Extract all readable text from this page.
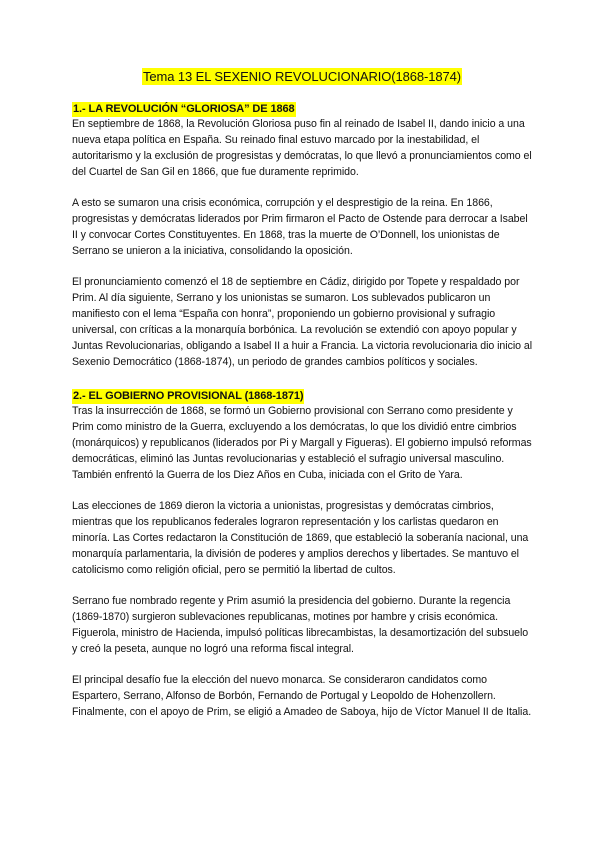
Tema 13 EL SEXENIO REVOLUCIONARIO(1868-1874)
1.- LA REVOLUCIÓN “GLORIOSA” DE 1868

En septiembre de 1868, la Revolución Gloriosa puso fin al reinado de Isabel II, dando inicio a una nueva etapa política en España. Su reinado final estuvo marcado por la inestabilidad, el autoritarismo y la exclusión de progresistas y demócratas, lo que llevó a pronunciamientos como el del Cuartel de San Gil en 1866, que fue duramente reprimido.

A esto se sumaron una crisis económica, corrupción y el desprestigio de la reina. En 1866, progresistas y demócratas liderados por Prim firmaron el Pacto de Ostende para derrocar a Isabel II y convocar Cortes Constituyentes. En 1868, tras la muerte de O’Donnell, los unionistas de Serrano se unieron a la iniciativa, consolidando la oposición.

El pronunciamiento comenzó el 18 de septiembre en Cádiz, dirigido por Topete y respaldado por Prim. Al día siguiente, Serrano y los unionistas se sumaron. Los sublevados publicaron un manifiesto con el lema “España con honra”, proponiendo un gobierno provisional y sufragio universal, con críticas a la monarquía borbónica. La revolución se extendió con apoyo popular y Juntas Revolucionarias, obligando a Isabel II a huir a Francia. La victoria revolucionaria dio inicio al Sexenio Democrático (1868-1874), un periodo de grandes cambios políticos y sociales.

2.- EL GOBIERNO PROVISIONAL (1868-1871)

Tras la insurrección de 1868, se formó un Gobierno provisional con Serrano como presidente y Prim como ministro de la Guerra, excluyendo a los demócratas, lo que los dividió entre cimbrios (monárquicos) y republicanos (liderados por Pi y Margall y Figueras). El gobierno impulsó reformas democráticas, eliminó las Juntas revolucionarias y estableció el sufragio universal masculino. También enfrentó la Guerra de los Diez Años en Cuba, iniciada con el Grito de Yara.

Las elecciones de 1869 dieron la victoria a unionistas, progresistas y demócratas cimbrios, mientras que los republicanos federales lograron representación y los carlistas quedaron en minoría. Las Cortes redactaron la Constitución de 1869, que estableció la soberanía nacional, una monarquía parlamentaria, la división de poderes y amplios derechos y libertades. Se mantuvo el catolicismo como religión oficial, pero se permitió la libertad de cultos.

Serrano fue nombrado regente y Prim asumió la presidencia del gobierno. Durante la regencia (1869-1870) surgieron sublevaciones republicanas, motines por hambre y crisis económica. Figuerola, ministro de Hacienda, impulsó políticas librecambistas, la desamortización del subsuelo y creó la peseta, aunque no logró una reforma fiscal integral.

El principal desafío fue la elección del nuevo monarca. Se consideraron candidatos como Espartero, Serrano, Alfonso de Borbón, Fernando de Portugal y Leopoldo de Hohenzollern. Finalmente, con el apoyo de Prim, se eligió a Amadeo de Saboya, hijo de Víctor Manuel II de Italia.
